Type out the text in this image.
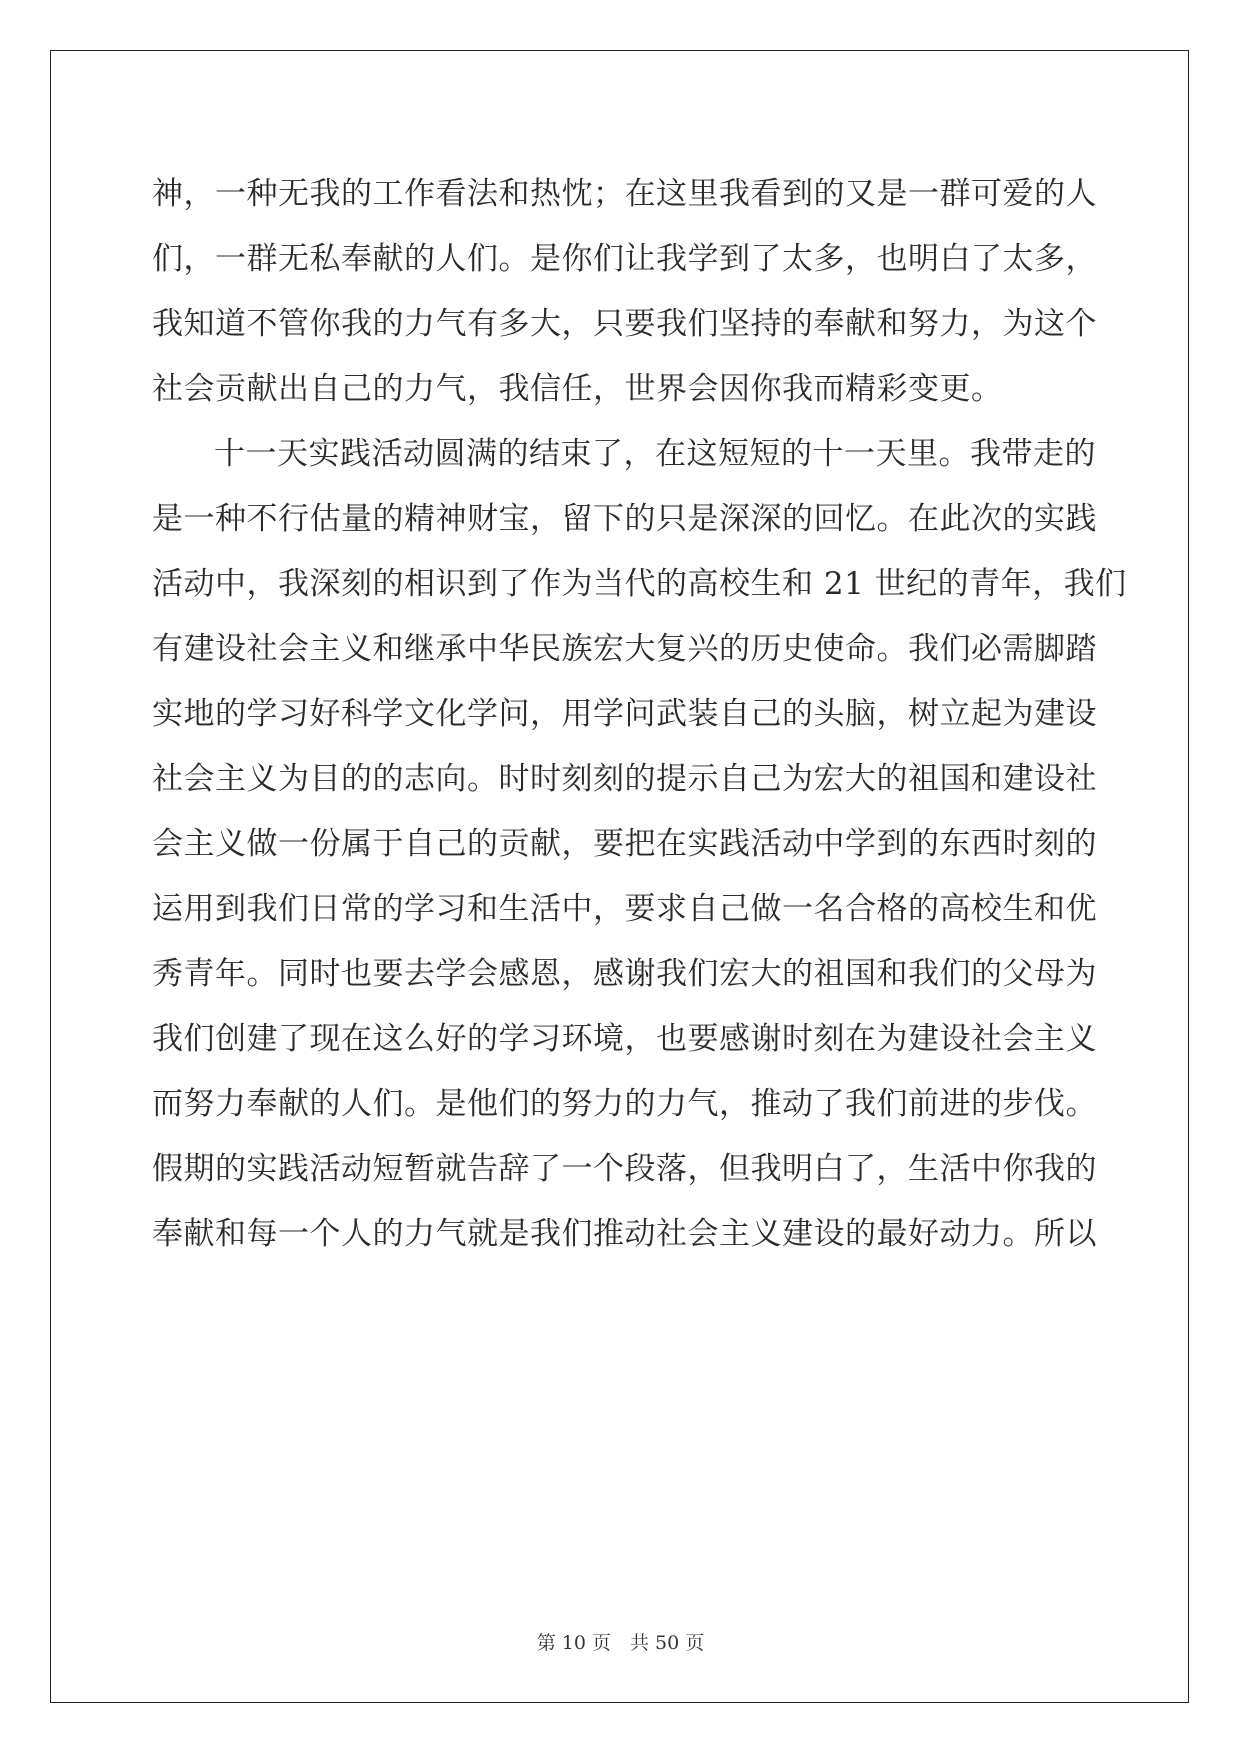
神，一种无我的工作看法和热忱；在这里我看到的又是一群可爱的人
们，一群无私奉献的人们。是你们让我学到了太多，也明白了太多，
我知道不管你我的力气有多大，只要我们坚持的奉献和努力，为这个
社会贡献出自己的力气，我信任，世界会因你我而精彩变更。
十一天实践活动圆满的结束了，在这短短的十一天里。我带走的
是一种不行估量的精神财宝，留下的只是深深的回忆。在此次的实践
活动中，我深刻的相识到了作为当代的高校生和 21 世纪的青年，我们
有建设社会主义和继承中华民族宏大复兴的历史使命。我们必需脚踏
实地的学习好科学文化学问，用学问武装自己的头脑，树立起为建设
社会主义为目的的志向。时时刻刻的提示自己为宏大的祖国和建设社
会主义做一份属于自己的贡献，要把在实践活动中学到的东西时刻的
运用到我们日常的学习和生活中，要求自己做一名合格的高校生和优
秀青年。同时也要去学会感恩，感谢我们宏大的祖国和我们的父母为
我们创建了现在这么好的学习环境，也要感谢时刻在为建设社会主义
而努力奉献的人们。是他们的努力的力气，推动了我们前进的步伐。
假期的实践活动短暂就告辞了一个段落，但我明白了，生活中你我的
奉献和每一个人的力气就是我们推动社会主义建设的最好动力。所以
第 10 页　共 50 页
